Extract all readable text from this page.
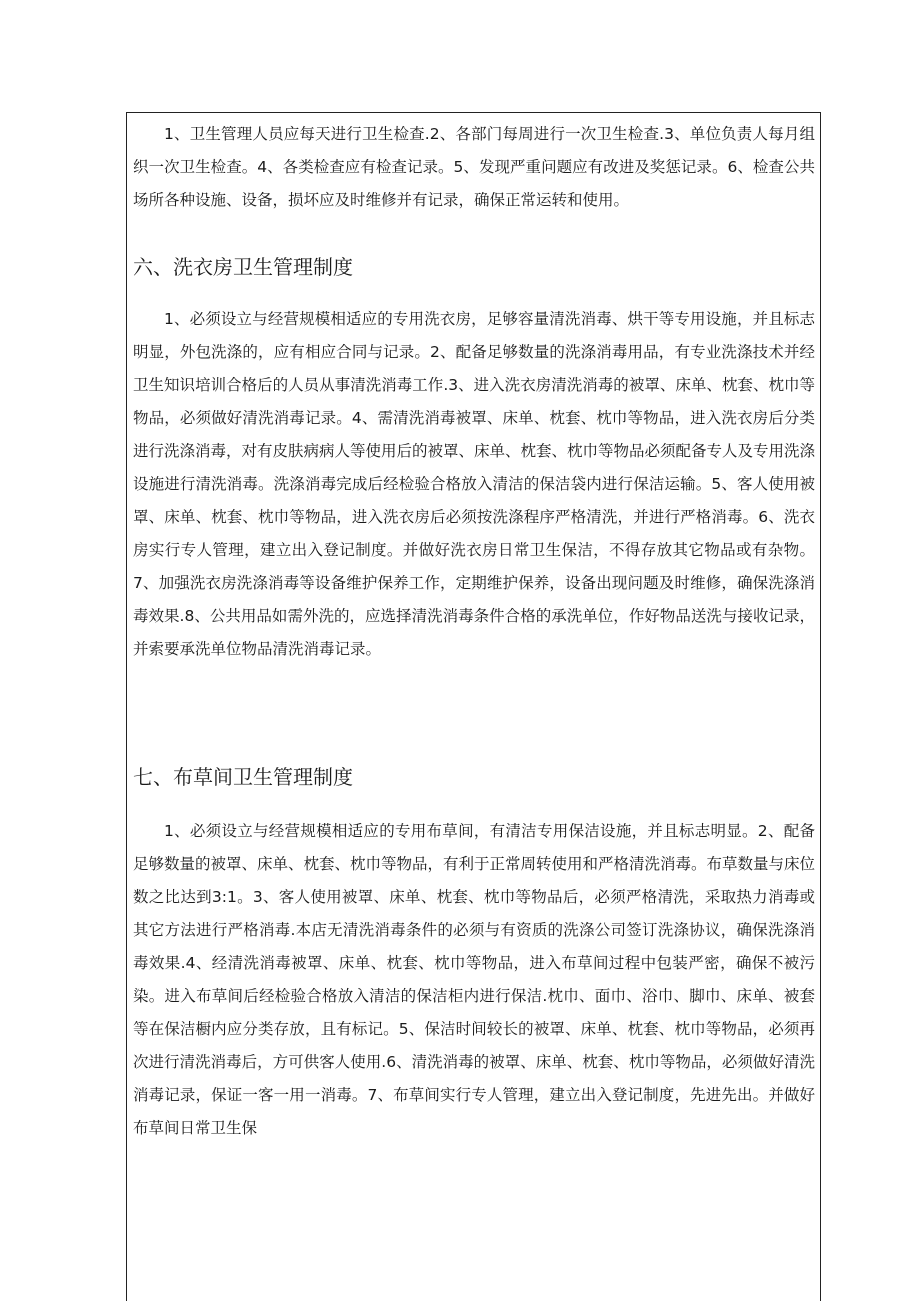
1、卫生管理人员应每天进行卫生检查.2、各部门每周进行一次卫生检查.3、单位负责人每月组织一次卫生检查。4、各类检查应有检查记录。5、发现严重问题应有改进及奖惩记录。6、检查公共场所各种设施、设备，损坏应及时维修并有记录，确保正常运转和使用。

六、洗衣房卫生管理制度

1、必须设立与经营规模相适应的专用洗衣房，足够容量清洗消毒、烘干等专用设施，并且标志明显，外包洗涤的，应有相应合同与记录。2、配备足够数量的洗涤消毒用品，有专业洗涤技术并经卫生知识培训合格后的人员从事清洗消毒工作.3、进入洗衣房清洗消毒的被罩、床单、枕套、枕巾等物品，必须做好清洗消毒记录。4、需清洗消毒被罩、床单、枕套、枕巾等物品，进入洗衣房后分类进行洗涤消毒，对有皮肤病病人等使用后的被罩、床单、枕套、枕巾等物品必须配备专人及专用洗涤设施进行清洗消毒。洗涤消毒完成后经检验合格放入清洁的保洁袋内进行保洁运输。5、客人使用被罩、床单、枕套、枕巾等物品，进入洗衣房后必须按洗涤程序严格清洗，并进行严格消毒。6、洗衣房实行专人管理，建立出入登记制度。并做好洗衣房日常卫生保洁，不得存放其它物品或有杂物。7、加强洗衣房洗涤消毒等设备维护保养工作，定期维护保养，设备出现问题及时维修，确保洗涤消毒效果.8、公共用品如需外洗的，应选择清洗消毒条件合格的承洗单位，作好物品送洗与接收记录，并索要承洗单位物品清洗消毒记录。

七、布草间卫生管理制度

1、必须设立与经营规模相适应的专用布草间，有清洁专用保洁设施，并且标志明显。2、配备足够数量的被罩、床单、枕套、枕巾等物品，有利于正常周转使用和严格清洗消毒。布草数量与床位数之比达到3:1。3、客人使用被罩、床单、枕套、枕巾等物品后，必须严格清洗，采取热力消毒或其它方法进行严格消毒.本店无清洗消毒条件的必须与有资质的洗涤公司签订洗涤协议，确保洗涤消毒效果.4、经清洗消毒被罩、床单、枕套、枕巾等物品，进入布草间过程中包装严密，确保不被污染。进入布草间后经检验合格放入清洁的保洁柜内进行保洁.枕巾、面巾、浴巾、脚巾、床单、被套等在保洁橱内应分类存放，且有标记。5、保洁时间较长的被罩、床单、枕套、枕巾等物品，必须再次进行清洗消毒后，方可供客人使用.6、清洗消毒的被罩、床单、枕套、枕巾等物品，必须做好清洗消毒记录，保证一客一用一消毒。7、布草间实行专人管理，建立出入登记制度，先进先出。并做好布草间日常卫生保
